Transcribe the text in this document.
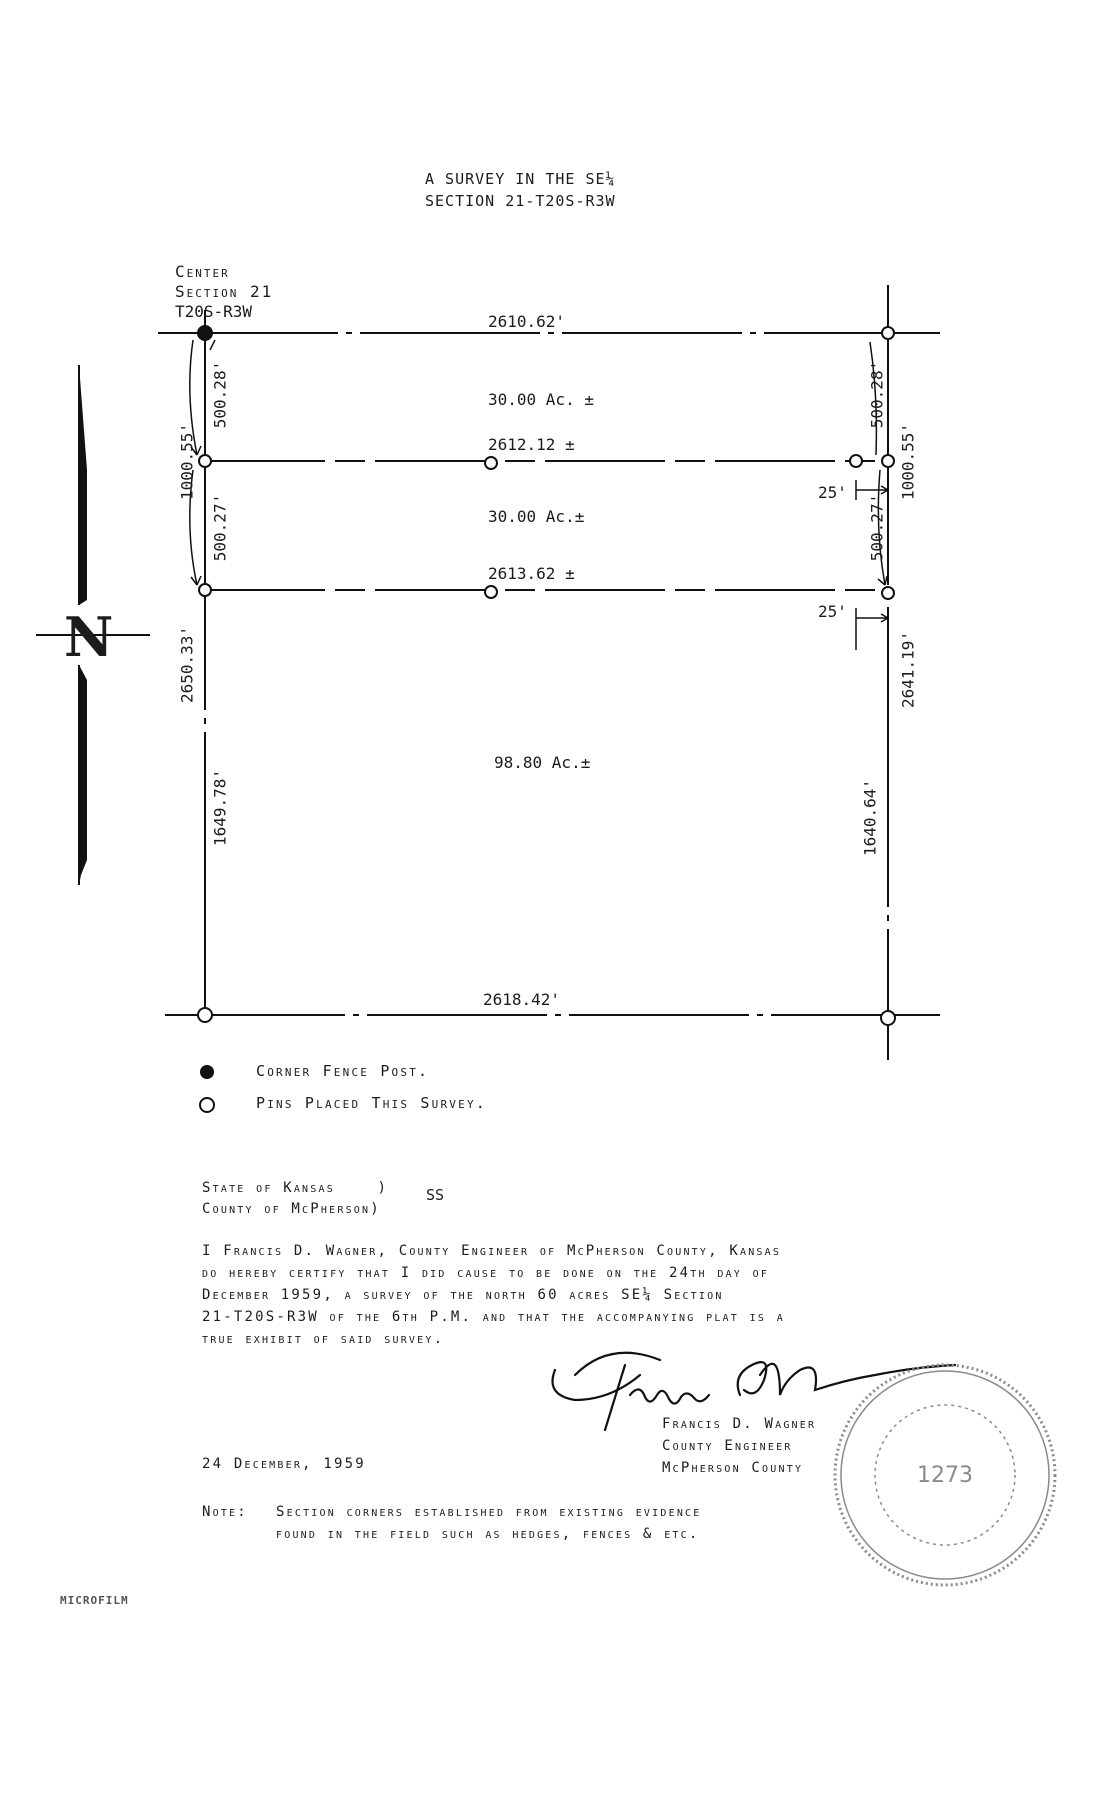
1273
A SURVEY IN THE SE¼
SECTION 21-T20S-R3W
Center
Section 21
T20S-R3W
N
2610.62'
2612.12 ±
2613.62 ±
2618.42'
30.00 Ac. ±
30.00 Ac.±
98.80 Ac.±
1000.55'
500.28'
500.27'
2650.33'
1649.78'
500.28'
1000.55'
500.27'
2641.19'
1640.64'
25'
25'
Corner Fence Post.
Pins Placed This Survey.
State of Kansas    )	SS
County of McPherson)
I Francis D. Wagner, County Engineer of McPherson County, Kansas
do hereby certify that I did cause to be done on the 24th day of
December 1959, a survey of the north 60 acres SE¼ Section
21-T20S-R3W of the 6th P.M. and that the accompanying plat is a
true exhibit of said survey.
Francis D. Wagner
County Engineer
McPherson County
24 December, 1959
Note: Section corners established from existing evidence
found in the field such as hedges, fences & etc.
MICROFILM
